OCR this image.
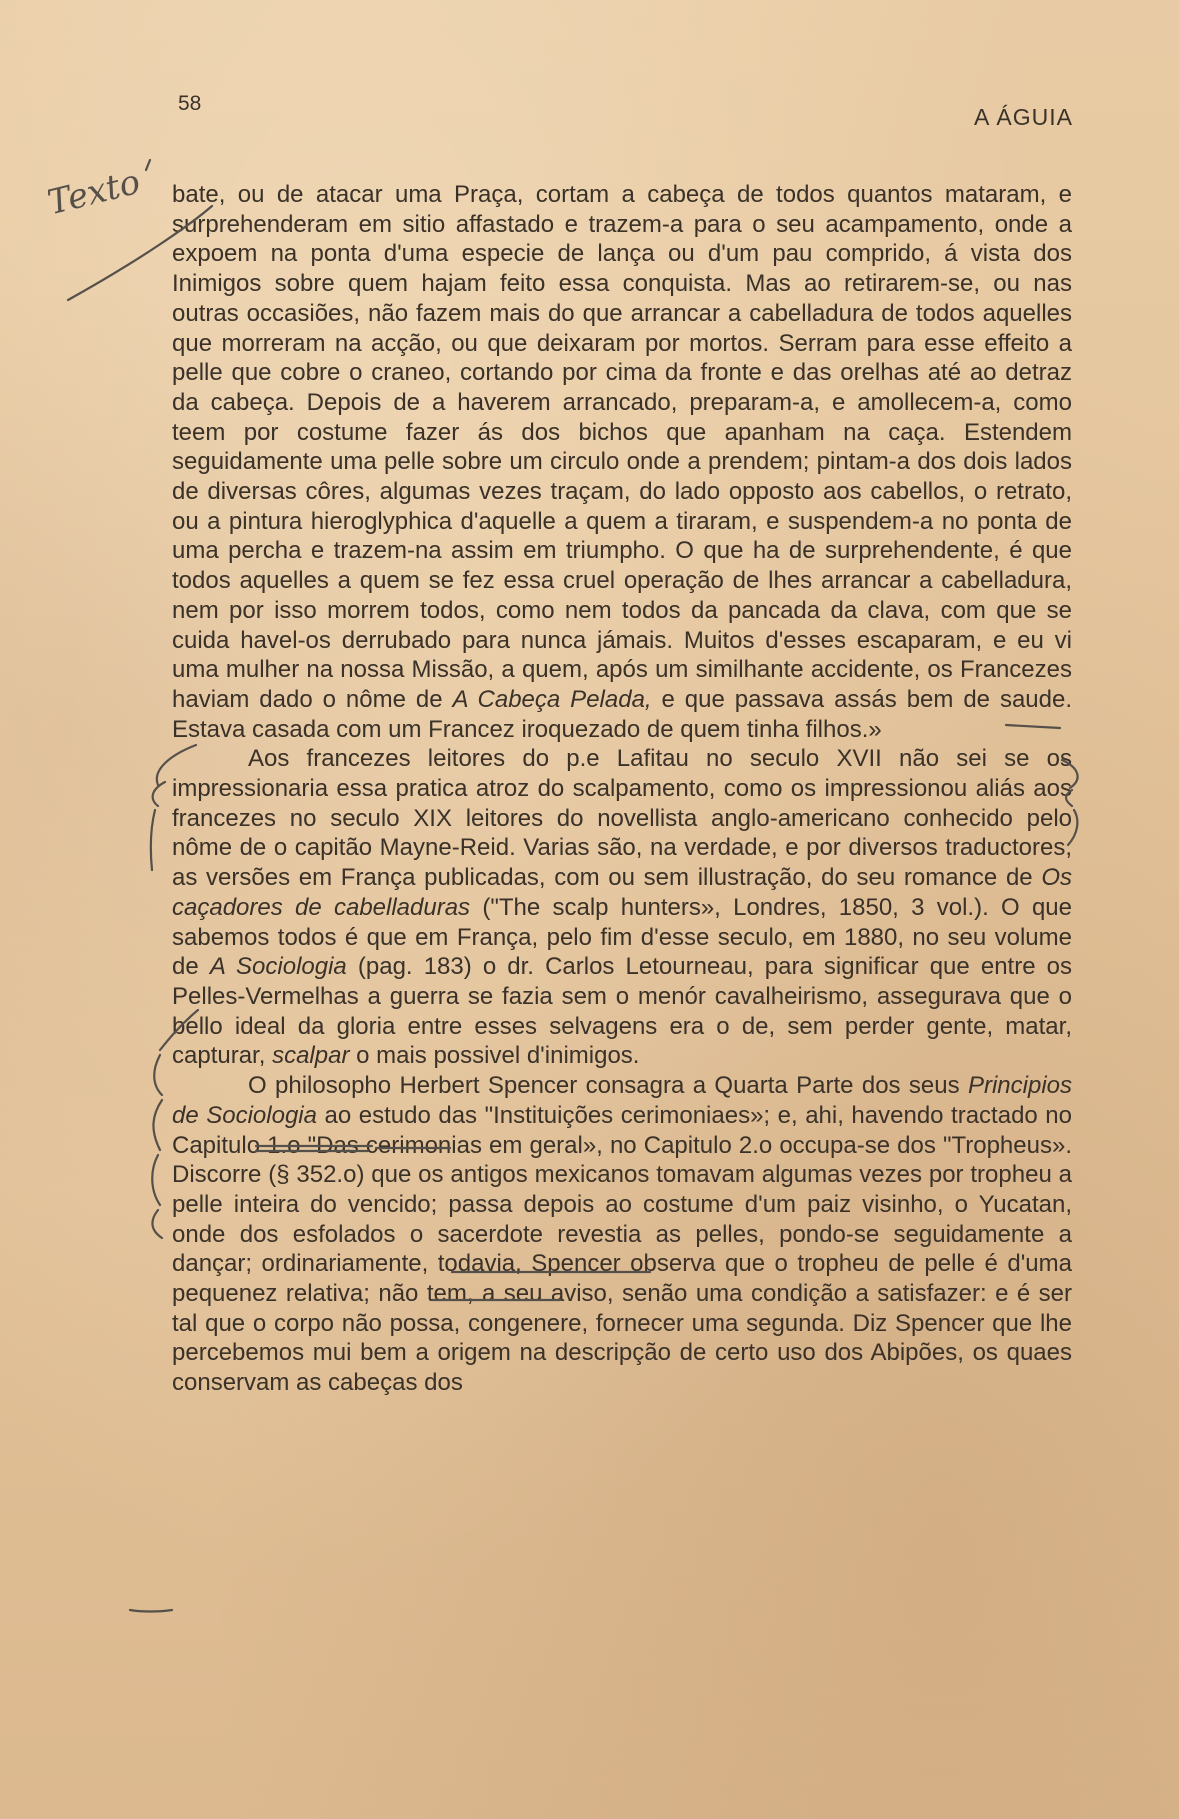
58
A ÁGUIA

bate, ou de atacar uma Praça, cortam a cabeça de todos quantos mataram, e surprehenderam em sitio affastado e trazem-a para o seu acampamento, onde a expoem na ponta d'uma especie de lança ou d'um pau comprido, á vista dos Inimigos sobre quem hajam feito essa conquista. Mas ao retirarem-se, ou nas outras occasiões, não fazem mais do que arrancar a cabelladura de todos aquelles que morreram na acção, ou que deixaram por mortos. Serram para esse effeito a pelle que cobre o craneo, cortando por cima da fronte e das orelhas até ao detraz da cabeça. Depois de a haverem arrancado, preparam-a, e amollecem-a, como teem por costume fazer ás dos bichos que apanham na caça. Estendem seguidamente uma pelle sobre um circulo onde a prendem; pintam-a dos dois lados de diversas côres, algumas vezes traçam, do lado opposto aos cabellos, o retrato, ou a pintura hieroglyphica d'aquelle a quem a tiraram, e suspendem-a no ponta de uma percha e trazem-na assim em triumpho. O que ha de surprehendente, é que todos aquelles a quem se fez essa cruel operação de lhes arrancar a cabelladura, nem por isso morrem todos, como nem todos da pancada da clava, com que se cuida havel-os derrubado para nunca jámais. Muitos d'esses escaparam, e eu vi uma mulher na nossa Missão, a quem, após um similhante accidente, os Francezes haviam dado o nôme de A Cabeça Pelada, e que passava assás bem de saude. Estava casada com um Francez iroquezado de quem tinha filhos.»

Aos francezes leitores do p.e Lafitau no seculo XVII não sei se os impressionaria essa pratica atroz do scalpamento, como os impressionou aliás aos francezes no seculo XIX leitores do novellista anglo-americano conhecido pelo nôme de o capitão Mayne-Reid. Varias são, na verdade, e por diversos traductores, as versões em França publicadas, com ou sem illustração, do seu romance de Os caçadores de cabelladuras ("The scalp hunters», Londres, 1850, 3 vol.). O que sabemos todos é que em França, pelo fim d'esse seculo, em 1880, no seu volume de A Sociologia (pag. 183) o dr. Carlos Letourneau, para significar que entre os Pelles-Vermelhas a guerra se fazia sem o menór cavalheirismo, assegurava que o bello ideal da gloria entre esses selvagens era o de, sem perder gente, matar, capturar, scalpar o mais possivel d'inimigos.

O philosopho Herbert Spencer consagra a Quarta Parte dos seus Principios de Sociologia ao estudo das "Instituições cerimoniaes»; e, ahi, havendo tractado no Capitulo 1.o "Das cerimonias em geral», no Capitulo 2.o occupa-se dos "Tropheus». Discorre (§ 352.o) que os antigos mexicanos tomavam algumas vezes por tropheu a pelle inteira do vencido; passa depois ao costume d'um paiz visinho, o Yucatan, onde dos esfolados o sacerdote revestia as pelles, pondo-se seguidamente a dançar; ordinariamente, todavia, Spencer observa que o tropheu de pelle é d'uma pequenez relativa; não tem, a seu aviso, senão uma condição a satisfazer: e é ser tal que o corpo não possa, congenere, fornecer uma segunda. Diz Spencer que lhe percebemos mui bem a origem na descripção de certo uso dos Abipões, os quaes conservam as cabeças dos

Texto
